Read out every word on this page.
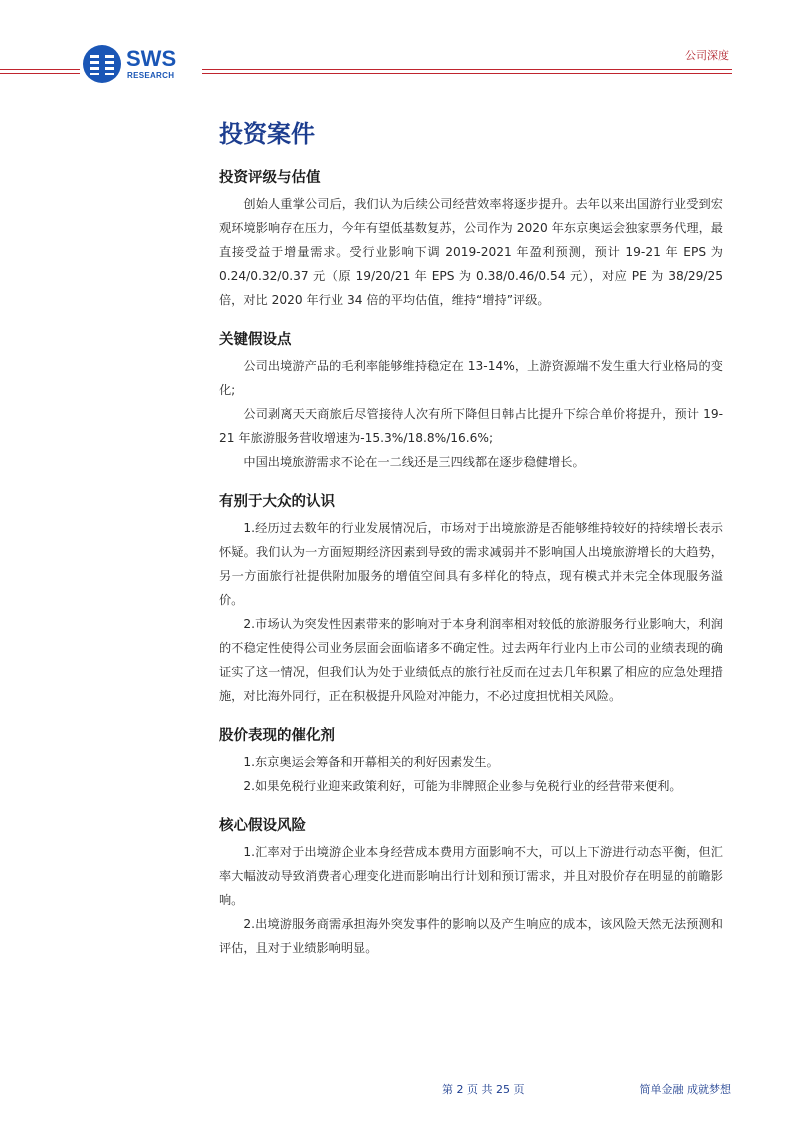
SWS
RESEARCH
公司深度
投资案件
投资评级与估值

创始人重掌公司后，我们认为后续公司经营效率将逐步提升。去年以来出国游行业受到宏观环境影响存在压力，今年有望低基数复苏，公司作为 2020 年东京奥运会独家票务代理，最直接受益于增量需求。受行业影响下调 2019-2021 年盈利预测，预计 19-21 年 EPS 为 0.24/0.32/0.37 元（原 19/20/21 年 EPS 为 0.38/0.46/0.54 元），对应 PE 为 38/29/25 倍，对比 2020 年行业 34 倍的平均估值，维持“增持”评级。

关键假设点

公司出境游产品的毛利率能够维持稳定在 13-14%，上游资源端不发生重大行业格局的变化;

公司剥离天天商旅后尽管接待人次有所下降但日韩占比提升下综合单价将提升，预计 19-21 年旅游服务营收增速为-15.3%/18.8%/16.6%;

中国出境旅游需求不论在一二线还是三四线都在逐步稳健增长。

有别于大众的认识

1.经历过去数年的行业发展情况后，市场对于出境旅游是否能够维持较好的持续增长表示怀疑。我们认为一方面短期经济因素到导致的需求减弱并不影响国人出境旅游增长的大趋势，另一方面旅行社提供附加服务的增值空间具有多样化的特点，现有模式并未完全体现服务溢价。

2.市场认为突发性因素带来的影响对于本身利润率相对较低的旅游服务行业影响大，利润的不稳定性使得公司业务层面会面临诸多不确定性。过去两年行业内上市公司的业绩表现的确证实了这一情况，但我们认为处于业绩低点的旅行社反而在过去几年积累了相应的应急处理措施，对比海外同行，正在积极提升风险对冲能力，不必过度担忧相关风险。

股价表现的催化剂

1.东京奥运会筹备和开幕相关的利好因素发生。

2.如果免税行业迎来政策利好，可能为非牌照企业参与免税行业的经营带来便利。

核心假设风险

1.汇率对于出境游企业本身经营成本费用方面影响不大，可以上下游进行动态平衡，但汇率大幅波动导致消费者心理变化进而影响出行计划和预订需求，并且对股价存在明显的前瞻影响。

2.出境游服务商需承担海外突发事件的影响以及产生响应的成本，该风险天然无法预测和评估，且对于业绩影响明显。

第 2 页 共 25 页	简单金融 成就梦想
